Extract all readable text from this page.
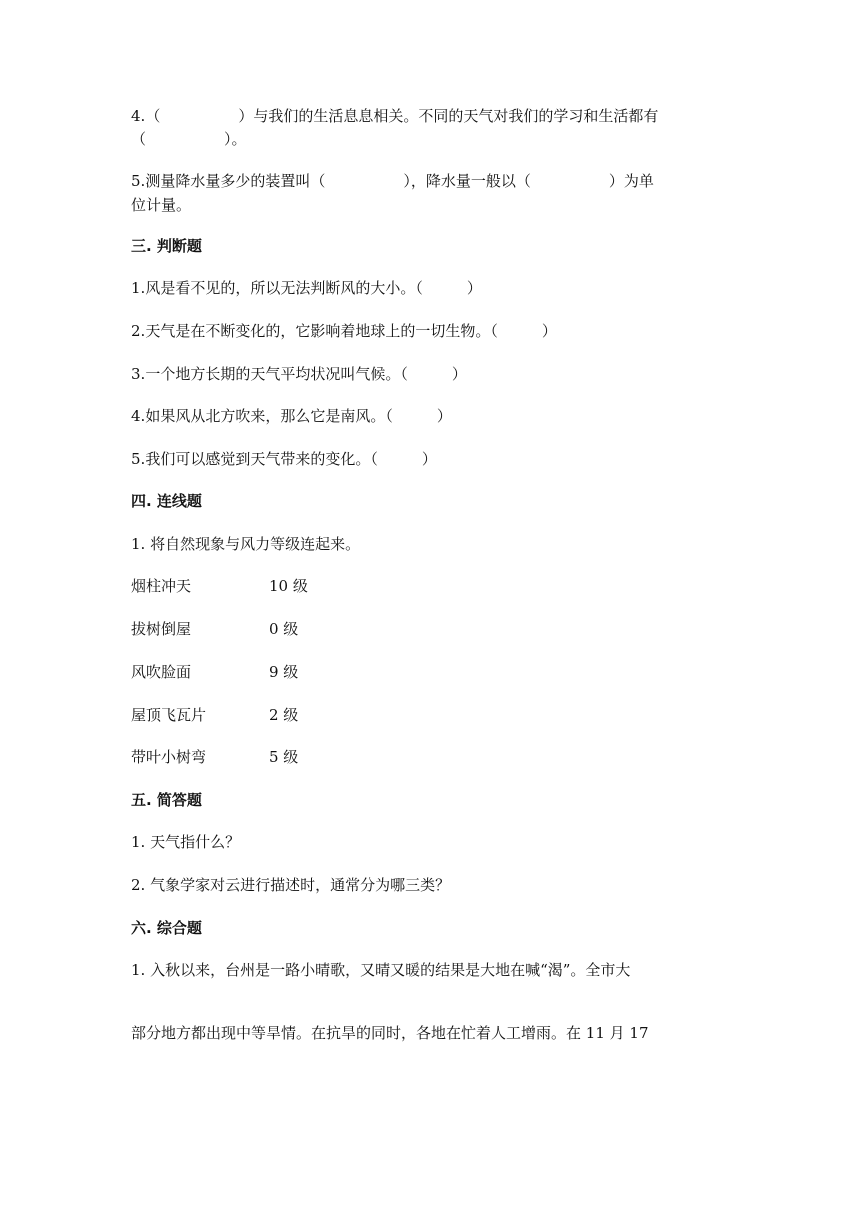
4.（	）与我们的生活息息相关。不同的天气对我们的学习和生活都有
（	）。
5.测量降水量多少的装置叫（	），降水量一般以（	）为单
位计量。
三. 判断题
1.风是看不见的，所以无法判断风的大小。（	）
2.天气是在不断变化的，它影响着地球上的一切生物。（	）
3.一个地方长期的天气平均状况叫气候。（	）
4.如果风从北方吹来，那么它是南风。（	）
5.我们可以感觉到天气带来的变化。（	）
四. 连线题
1. 将自然现象与风力等级连起来。
烟柱冲天	10 级
拔树倒屋	0 级
风吹脸面	9 级
屋顶飞瓦片	2 级
带叶小树弯	5 级
五. 简答题
1. 天气指什么？
2. 气象学家对云进行描述时，通常分为哪三类？
六. 综合题
1. 入秋以来，台州是一路小晴歌，又晴又暖的结果是大地在喊“渴”。全市大
部分地方都出现中等旱情。在抗旱的同时，各地在忙着人工增雨。在 11 月 17
